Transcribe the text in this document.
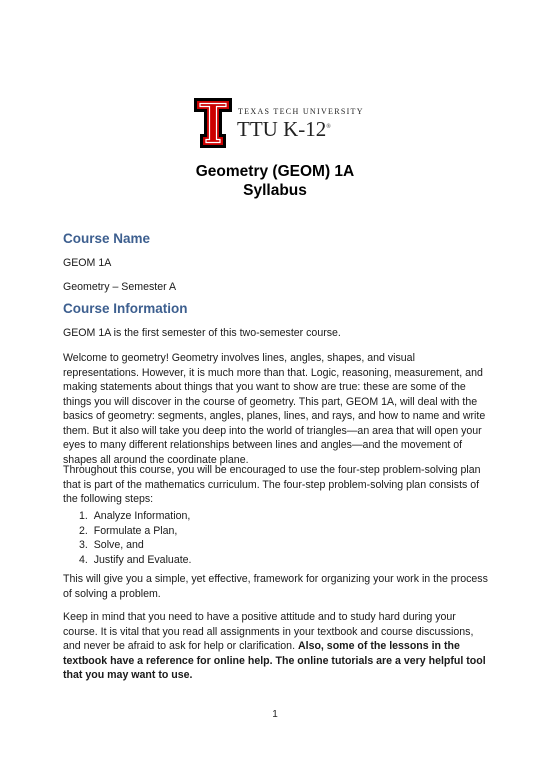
TEXAS TECH UNIVERSITY
TTU K-12®
Geometry (GEOM) 1A
Syllabus
Course Name
GEOM 1A
Geometry – Semester A
Course Information
GEOM 1A is the first semester of this two-semester course.
Welcome to geometry! Geometry involves lines, angles, shapes, and visual representations. However, it is much more than that. Logic, reasoning, measurement, and making statements about things that you want to show are true: these are some of the things you will discover in the course of geometry. This part, GEOM 1A, will deal with the basics of geometry: segments, angles, planes, lines, and rays, and how to name and write them. But it also will take you deep into the world of triangles—an area that will open your eyes to many different relationships between lines and angles—and the movement of shapes all around the coordinate plane.
Throughout this course, you will be encouraged to use the four-step problem-solving plan that is part of the mathematics curriculum. The four-step problem-solving plan consists of the following steps:
1. Analyze Information,
2. Formulate a Plan,
3. Solve, and
4. Justify and Evaluate.
This will give you a simple, yet effective, framework for organizing your work in the process of solving a problem.
Keep in mind that you need to have a positive attitude and to study hard during your course. It is vital that you read all assignments in your textbook and course discussions, and never be afraid to ask for help or clarification. Also, some of the lessons in the textbook have a reference for online help. The online tutorials are a very helpful tool that you may want to use.
1
